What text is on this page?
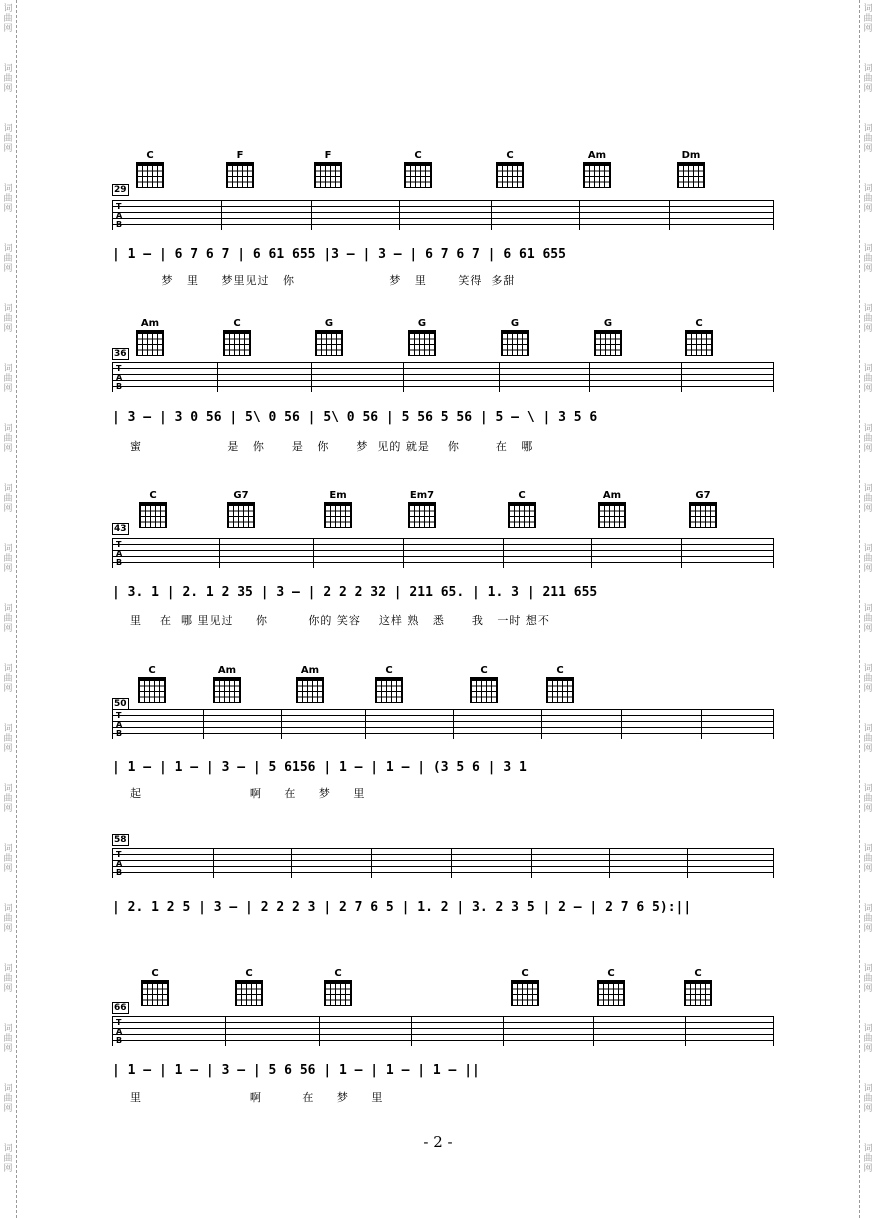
词
曲
网
词
曲
网
词
曲
网
词
曲
网
词
曲
网
词
曲
网
词
曲
网
词
曲
网
词
曲
网
词
曲
网
词
曲
网
词
曲
网
词
曲
网
词
曲
网
词
曲
网
词
曲
网
词
曲
网
词
曲
网
词
曲
网
词
曲
网
词
曲
网
词
曲
网
词
曲
网
词
曲
网
词
曲
网
词
曲
网
词
曲
网
词
曲
网
词
曲
网
词
曲
网
词
曲
网
词
曲
网
词
曲
网
词
曲
网
词
曲
网
词
曲
网
词
曲
网
词
曲
网
词
曲
网
词
曲
网
C	F	F	C	C	Am	Dm
T
A
B
29
| 1 — | 6 7 6 7 | 6 61 655 |3 — | 3 — | 6 7 6 7 | 6 61 655
梦   里     梦里见过   你                     梦   里       笑得  多甜
Am	C	G	G	G	G	C
T
A
B
36
| 3 — | 3 0 56 | 5\ 0 56 | 5\ 0 56 | 5 56 5 56 | 5 — \ | 3 5 6
蜜                   是   你      是   你      梦  见的 就是    你        在   哪
C	G7	Em	Em7	C	Am	G7
T
A
B
43
| 3. 1 | 2. 1 2 35 | 3 — | 2 2 2 32 | 211 65. | 1. 3 | 211 655
里    在  哪 里见过     你         你的 笑容    这样 熟   悉      我   一时 想不
C	Am	Am	C	C	C
T
A
B
50
| 1 — | 1 — | 3 — | 5 6156 | 1 — | 1 — | (3 5 6 | 3 1
起                        啊     在     梦     里
T
A
B
58
| 2. 1 2 5 | 3 — | 2 2 2 3 | 2 7 6 5 | 1. 2 | 3. 2 3 5 | 2 — | 2 7 6 5):||
C	C	C	C	C	C
T
A
B
66
| 1 — | 1 — | 3 — | 5 6 56 | 1 — | 1 — | 1 — ||
里                        啊         在     梦     里
- 2 -
